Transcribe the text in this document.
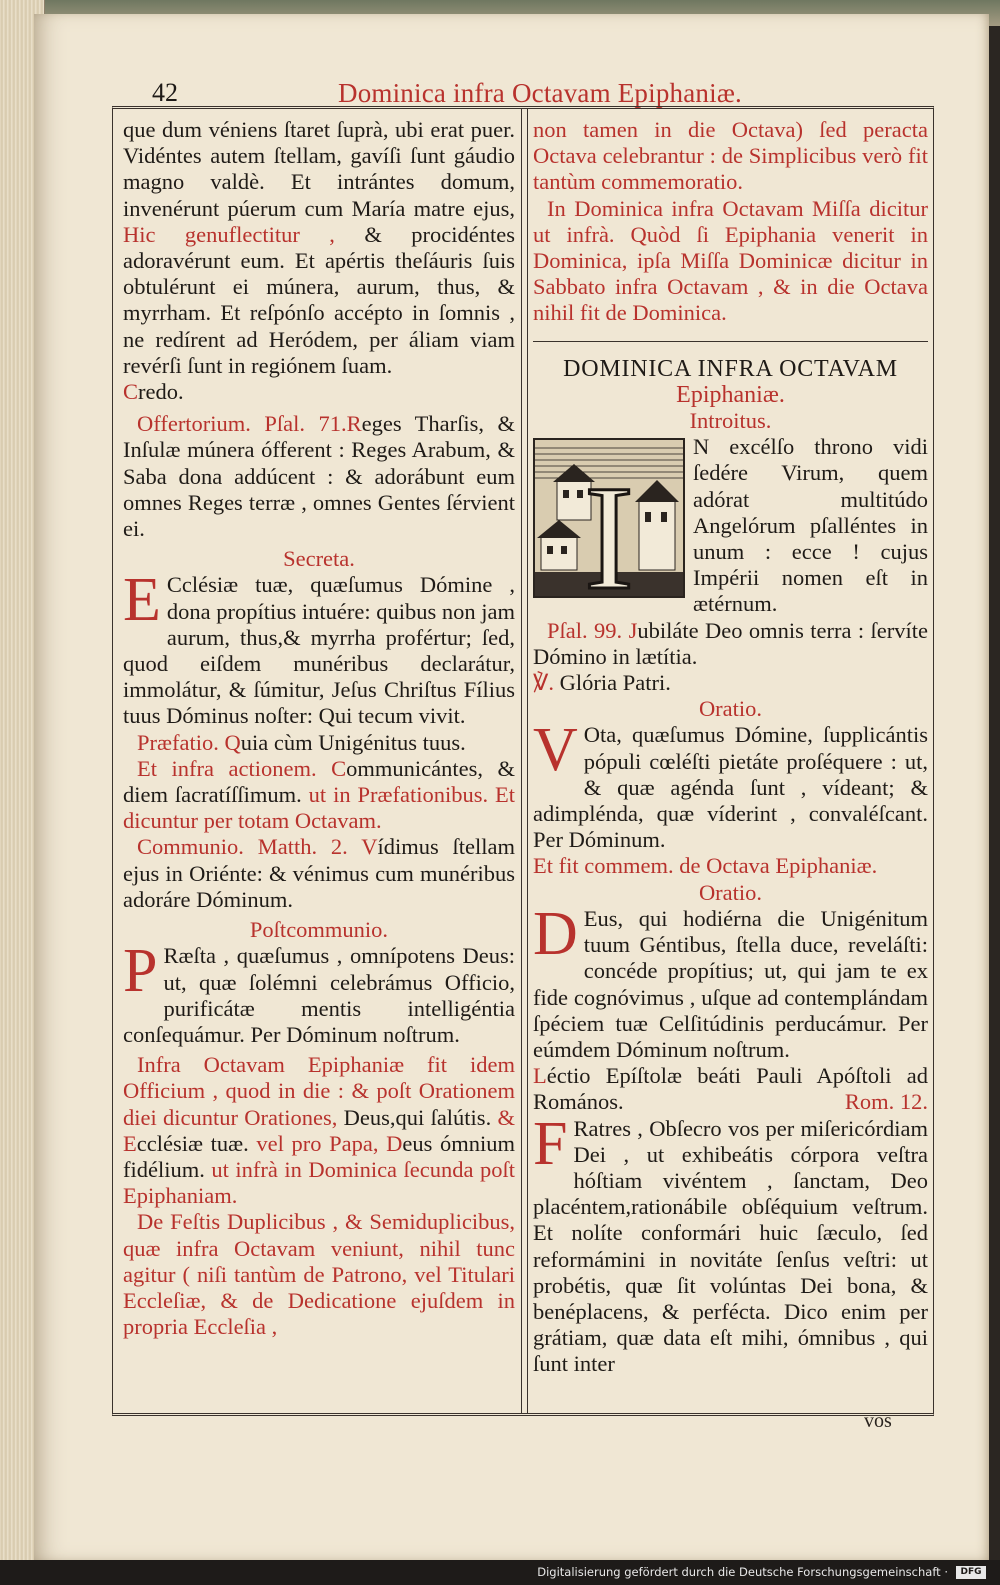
42	Dominica infra Octavam Epiphaniæ.

que dum véniens ſtaret ſuprà, ubi erat puer. Vidéntes autem ſtellam, gavíſi ſunt gáudio magno valdè. Et intrántes domum, invenérunt púerum cum María matre ejus, Hic genuflectitur , & procidéntes adoravérunt eum. Et apértis theſáuris ſuis obtulérunt ei múnera, aurum, thus, & myrrham. Et reſpónſo accépto in ſomnis , ne redírent ad Heródem, per áliam viam revérſi ſunt in regiónem ſuam.

Credo.

Offertorium. Pſal. 71.Reges Tharſis, & Inſulæ múnera ófferent : Reges Arabum, & Saba dona addúcent : & adorábunt eum omnes Reges terræ , omnes Gentes ſérvient ei.

Secreta.

E Cclésiæ tuæ, quæſumus Dómine , dona propítius intuére: quibus non jam aurum, thus,& myrrha profértur; ſed, quod eiſdem munéribus declarátur, immolátur, & ſúmitur, Jeſus Chriſtus Fílius tuus Dóminus noſter: Qui tecum vivit.

Præfatio. Quia cùm Unigénitus tuus.

Et infra actionem. Communicántes, & diem ſacratíſſimum. ut in Præfationibus. Et dicuntur per totam Octavam.

Communio. Matth. 2. Vídimus ſtellam ejus in Oriénte: & vénimus cum munéribus adoráre Dóminum.

Poſtcommunio.

P Ræſta , quæſumus , omnípotens Deus: ut, quæ ſolémni celebrámus Officio, purificátæ mentis intelligéntia conſequámur. Per Dóminum noſtrum.

Infra Octavam Epiphaniæ fit idem Officium , quod in die : & poſt Orationem diei dicuntur Orationes, Deus,qui ſalútis. & Ecclésiæ tuæ. vel pro Papa, Deus ómnium fidélium. ut infrà in Dominica ſecunda poſt Epiphaniam.

De Feſtis Duplicibus , & Semiduplicibus, quæ infra Octavam veniunt, nihil tunc agitur ( niſi tantùm de Patrono, vel Titulari Eccleſiæ, & de Dedicatione ejuſdem in propria Eccleſia ,

non tamen in die Octava) ſed peracta Octava celebrantur : de Simplicibus verò fit tantùm commemoratio.

In Dominica infra Octavam Miſſa dicitur ut infrà. Quòd ſi Epiphania venerit in Dominica, ipſa Miſſa Dominicæ dicitur in Sabbato infra Octavam , & in die Octava nihil fit de Dominica.

DOMINICA INFRA OCTAVAM

Epiphaniæ.

Introitus.

I
N excélſo throno vidi ſedére Virum, quem adórat multitúdo Angelórum pſalléntes in unum : ecce ! cujus Impérii nomen eſt in ætérnum.

Pſal. 99. Jubiláte Deo omnis terra : ſervíte Dómino in lætítia.

℣. Glória Patri.

Oratio.

V Ota, quæſumus Dómine, ſupplicántis pópuli cœléſti pietáte proſéquere : ut, & quæ agénda ſunt , vídeant; & adimpléndа, quæ víderint , convaléſcant. Per Dóminum.

Et fit commem. de Octava Epiphaniæ.

Oratio.

D Eus, qui hodiérna die Unigénitum tuum Géntibus, ſtella duce, reveláſti: concéde propítius; ut, qui jam te ex fide cognóvimus , uſque ad contemplándam ſpéciem tuæ Celſitúdinis perducámur. Per eúmdem Dóminum noſtrum.

Léctio Epíſtolæ beáti Pauli Apóſtoli ad Romános.	Rom. 12.

F Ratres , Obſecro vos per miſericórdiam Dei , ut exhibeátis córpora veſtra hóſtiam vivéntem , ſanctam, Deo placéntem,rationábile obſéquium veſtrum. Et nolíte conformári huic ſæculo, ſed reformámini in novitáte ſenſus veſtri: ut probétis, quæ ſit volúntas Dei bona, & benéplacens, & perfécta. Dico enim per grátiam, quæ data eſt mihi, ómnibus , qui ſunt inter

vos
Digitalisierung gefördert durch die Deutsche Forschungsgemeinschaft ·	DFG
